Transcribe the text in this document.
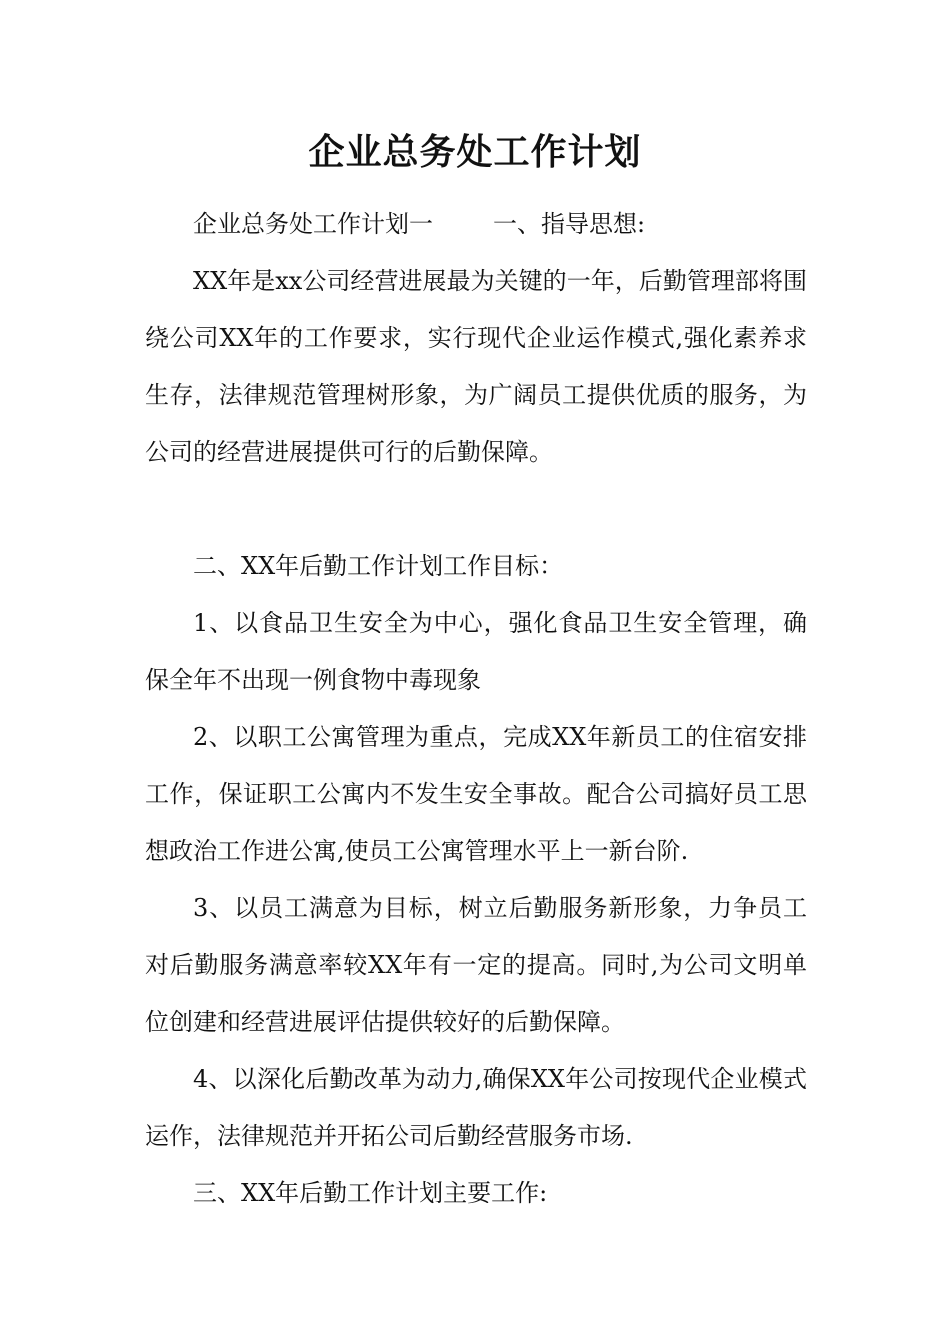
企业总务处工作计划

企业总务处工作计划一	一、指导思想:

XX年是xx公司经营进展最为关键的一年，后勤管理部将围绕公司XX年的工作要求，实行现代企业运作模式,强化素养求生存，法律规范管理树形象，为广阔员工提供优质的服务，为公司的经营进展提供可行的后勤保障。

二、XX年后勤工作计划工作目标：

1、以食品卫生安全为中心，强化食品卫生安全管理，确保全年不出现一例食物中毒现象

2、以职工公寓管理为重点，完成XX年新员工的住宿安排工作，保证职工公寓内不发生安全事故。配合公司搞好员工思想政治工作进公寓,使员工公寓管理水平上一新台阶.

3、以员工满意为目标，树立后勤服务新形象，力争员工对后勤服务满意率较XX年有一定的提高。同时,为公司文明单位创建和经营进展评估提供较好的后勤保障。

4、以深化后勤改革为动力,确保XX年公司按现代企业模式运作，法律规范并开拓公司后勤经营服务市场.

三、XX年后勤工作计划主要工作:
